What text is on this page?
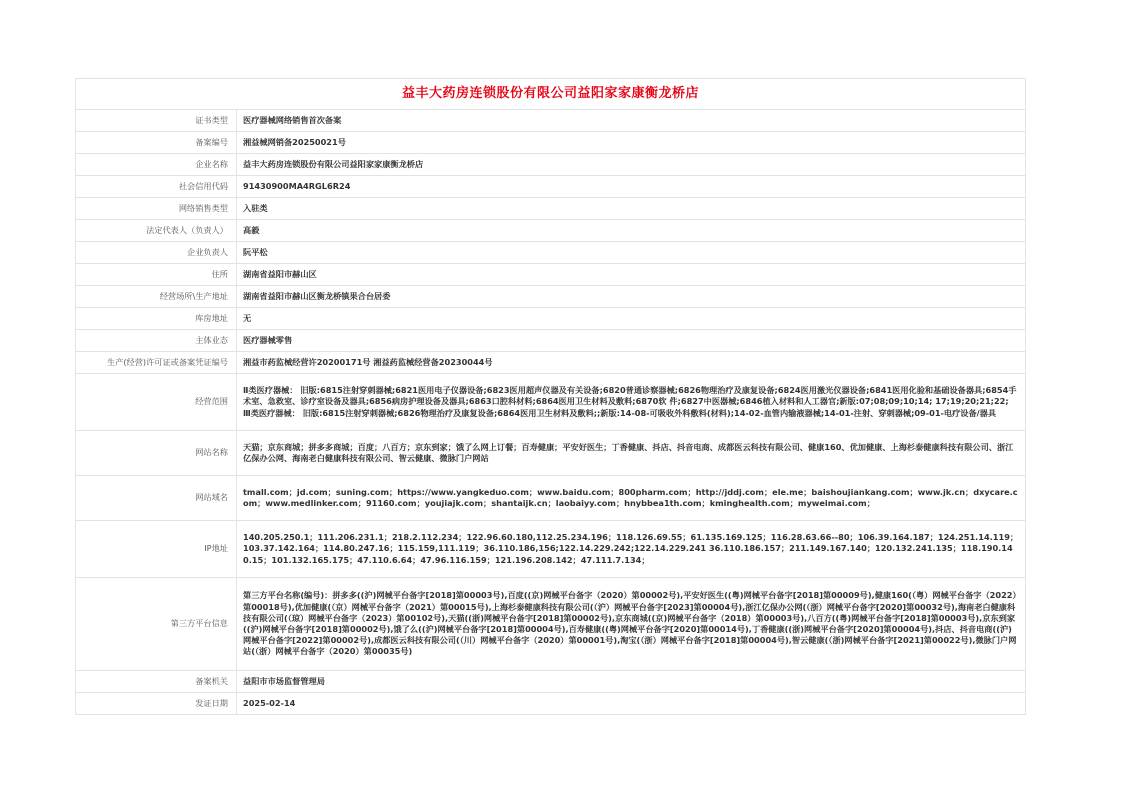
益丰大药房连锁股份有限公司益阳家家康衡龙桥店
证书类型	医疗器械网络销售首次备案
备案编号	湘益械网销备20250021号
企业名称	益丰大药房连锁股份有限公司益阳家家康衡龙桥店
社会信用代码	91430900MA4RGL6R24
网络销售类型	入驻类
法定代表人（负责人）	高毅
企业负责人	阮平松
住所	湖南省益阳市赫山区
经营场所\生产地址	湖南省益阳市赫山区衡龙桥镇果合台居委
库房地址	无
主体业态	医疗器械零售
生产(经营)许可证或备案凭证编号	湘益市药监械经营许20200171号 湘益药监械经营备20230044号
经营范围	Ⅱ类医疗器械： 旧版:6815注射穿刺器械;6821医用电子仪器设备;6823医用超声仪器及有关设备;6820普通诊察器械;6826物理治疗及康复设备;6824医用激光仪器设备;6841医用化验和基础设备器具;6854手术室、急救室、诊疗室设备及器具;6856病房护理设备及器具;6863口腔科材料;6864医用卫生材料及敷料;6870软 件;6827中医器械;6846植入材料和人工器官;新版:07;08;09;10;14; 17;19;20;21;22; Ⅲ类医疗器械： 旧版:6815注射穿刺器械;6826物理治疗及康复设备;6864医用卫生材料及敷料;;新版:14-08-可吸收外科敷料(材料);14-02-血管内输液器械;14-01-注射、穿刺器械;09-01-电疗设备/器具
网站名称	天猫；京东商城；拼多多商城；百度；八百方；京东到家；饿了么网上订餐；百寿健康；平安好医生；丁香健康、抖店、抖音电商、成都医云科技有限公司、健康160、优加健康、上海杉泰健康科技有限公司、浙江亿保办公网、海南老白健康科技有限公司、智云健康、微脉门户网站
网站域名	tmall.com；jd.com；suning.com；https://www.yangkeduo.com；www.baidu.com；800pharm.com；http://jddj.com；ele.me；baishoujiankang.com；www.jk.cn；dxycare.com；www.medlinker.com；91160.com；youjiajk.com；shantaijk.cn；laobaiyy.com；hnybbea1th.com；kminghealth.com；myweimai.com；
IP地址	140.205.250.1；111.206.231.1；218.2.112.234；122.96.60.180,112.25.234.196；118.126.69.55；61.135.169.125；116.28.63.66--80；106.39.164.187；124.251.14.119；103.37.142.164；114.80.247.16；115.159,111.119；36.110.186,156;122.14.229.242;122.14.229.241 36.110.186.157；211.149.167.140；120.132.241.135；118.190.140.15；101.132.165.175；47.110.6.64；47.96.116.159；121.196.208.142；47.111.7.134；
第三方平台信息	第三方平台名称(编号)：拼多多((沪)网械平台备字[2018]第00003号),百度((京)网械平台备字（2020）第00002号),平安好医生((粤)网械平台备字[2018]第00009号),健康160(（粤）网械平台备字（2022）第00018号),优加健康(（京）网械平台备字（2021）第00015号),上海杉泰健康科技有限公司(（沪）网械平台备字[2023]第00004号),浙江亿保办公网(（浙）网械平台备字[2020]第00032号),海南老白健康科技有限公司(（琼）网械平台备字（2023）第00102号),天猫((浙)网械平台备字[2018]第00002号),京东商城((京)网械平台备字（2018）第00003号),八百方((粤)网械平台备字[2018]第00003号),京东到家((沪)网械平台备字[2018]第00002号),饿了么((沪)网械平台备字[2018]第00004号),百寿健康((粤)网械平台备字[2020]第00014号),丁香健康((浙)网械平台备字[2020]第00004号),抖店、抖音电商((沪)网械平台备字[2022]第00002号),成都医云科技有限公司(（川）网械平台备字（2020）第00001号),淘宝(（浙）网械平台备字[2018]第00004号),智云健康(（浙)网械平台备字[2021]第00022号),微脉门户网站(（浙）网械平台备字（2020）第00035号)
备案机关	益阳市市场监督管理局
发证日期	2025-02-14
